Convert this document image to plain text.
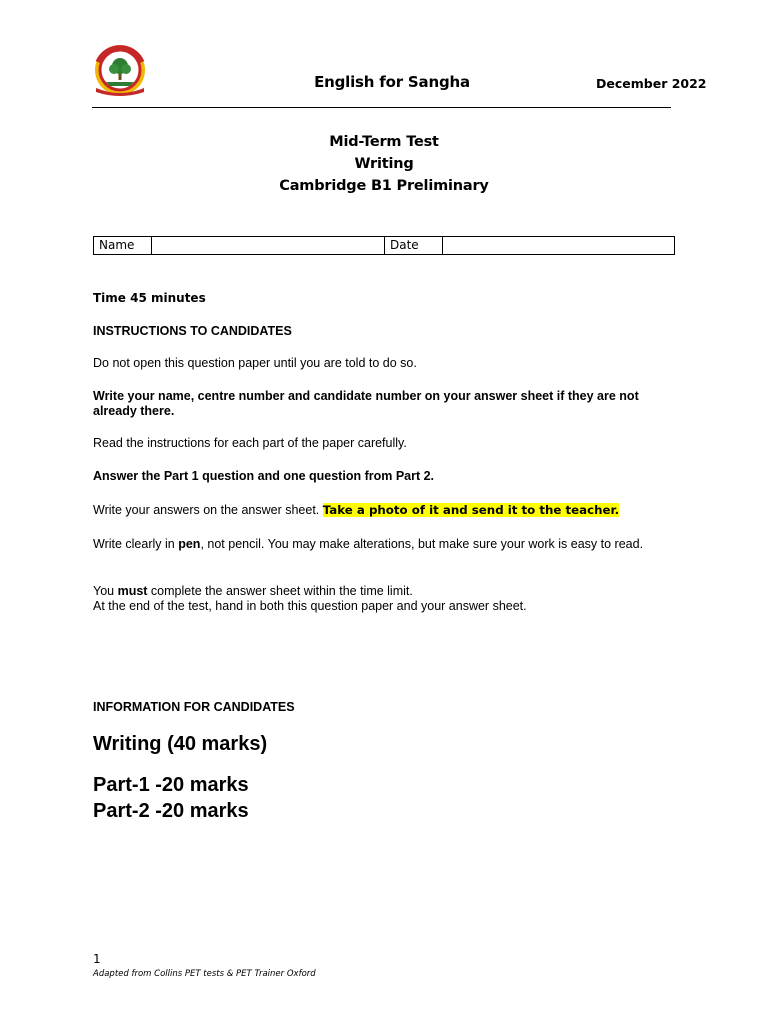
English for Sangha	December 2022
Mid-Term Test
Writing
Cambridge B1 Preliminary
Name	Date
Time 45 minutes
INSTRUCTIONS TO CANDIDATES
Do not open this question paper until you are told to do so.
Write your name, centre number and candidate number on your answer sheet if they are not already there.
Read the instructions for each part of the paper carefully.
Answer the Part 1 question and one question from Part 2.
Write your answers on the answer sheet. Take a photo of it and send it to the teacher.
Write clearly in pen, not pencil. You may make alterations, but make sure your work is easy to read.
You must complete the answer sheet within the time limit.
At the end of the test, hand in both this question paper and your answer sheet.
INFORMATION FOR CANDIDATES
Writing (40 marks)
Part-1 -20 marks
Part-2 -20 marks
1
Adapted from Collins PET tests & PET Trainer Oxford
